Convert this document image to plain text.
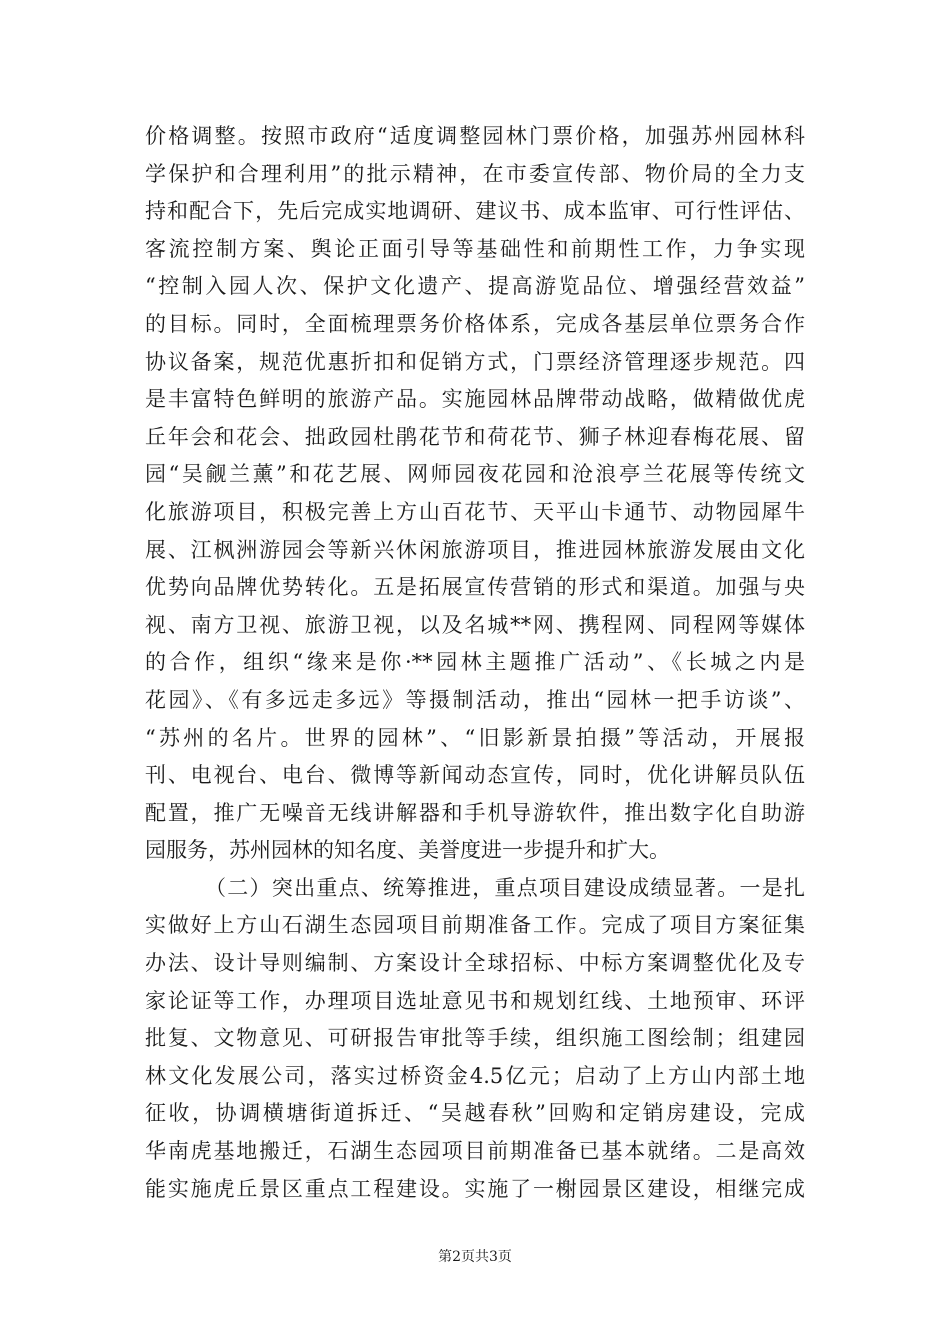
价格调整。按照市政府“适度调整园林门票价格，加强苏州园林科
学保护和合理利用”的批示精神，在市委宣传部、物价局的全力支
持和配合下，先后完成实地调研、建议书、成本监审、可行性评估、
客流控制方案、舆论正面引导等基础性和前期性工作，力争实现
“控制入园人次、保护文化遗产、提高游览品位、增强经营效益”
的目标。同时，全面梳理票务价格体系，完成各基层单位票务合作
协议备案，规范优惠折扣和促销方式，门票经济管理逐步规范。四
是丰富特色鲜明的旅游产品。实施园林品牌带动战略，做精做优虎
丘年会和花会、拙政园杜鹃花节和荷花节、狮子林迎春梅花展、留
园“吴觎兰薰”和花艺展、网师园夜花园和沧浪亭兰花展等传统文
化旅游项目，积极完善上方山百花节、天平山卡通节、动物园犀牛
展、江枫洲游园会等新兴休闲旅游项目，推进园林旅游发展由文化
优势向品牌优势转化。五是拓展宣传营销的形式和渠道。加强与央
视、南方卫视、旅游卫视，以及名城**网、携程网、同程网等媒体
的合作，组织“缘来是你·**园林主题推广活动”、《长城之内是
花园》、《有多远走多远》等摄制活动，推出“园林一把手访谈”、
“苏州的名片。世界的园林”、“旧影新景拍摄”等活动，开展报
刊、电视台、电台、微博等新闻动态宣传，同时，优化讲解员队伍
配置，推广无噪音无线讲解器和手机导游软件，推出数字化自助游
园服务，苏州园林的知名度、美誉度进一步提升和扩大。
（二）突出重点、统筹推进，重点项目建设成绩显著。一是扎
实做好上方山石湖生态园项目前期准备工作。完成了项目方案征集
办法、设计导则编制、方案设计全球招标、中标方案调整优化及专
家论证等工作，办理项目选址意见书和规划红线、土地预审、环评
批复、文物意见、可研报告审批等手续，组织施工图绘制；组建园
林文化发展公司，落实过桥资金4.5亿元；启动了上方山内部土地
征收，协调横塘街道拆迁、“吴越春秋”回购和定销房建设，完成
华南虎基地搬迁，石湖生态园项目前期准备已基本就绪。二是高效
能实施虎丘景区重点工程建设。实施了一榭园景区建设，相继完成
第2页共3页
